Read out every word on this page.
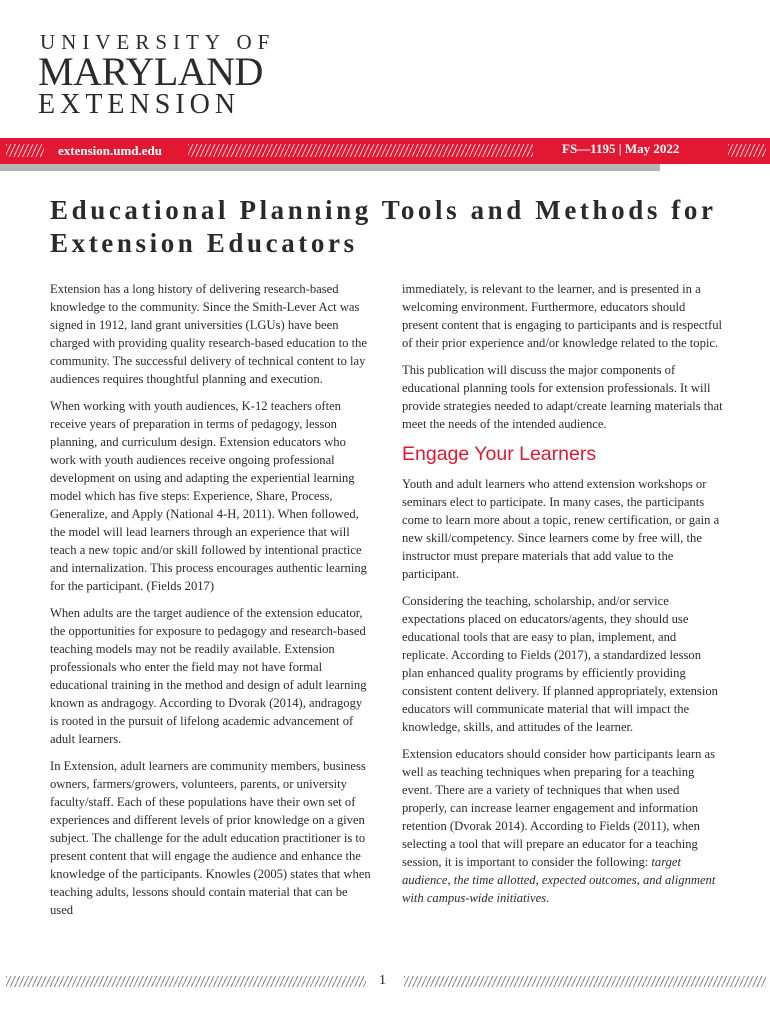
UNIVERSITY OF
MARYLAND
EXTENSION
extension.umd.edu	FS—1195 | May 2022
Educational Planning Tools and Methods for Extension Educators

Extension has a long history of delivering research-based knowledge to the community. Since the Smith-Lever Act was signed in 1912, land grant universities (LGUs) have been charged with providing quality research-based education to the community. The successful delivery of technical content to lay audiences requires thoughtful planning and execution.

When working with youth audiences, K-12 teachers often receive years of preparation in terms of pedagogy, lesson planning, and curriculum design. Extension educators who work with youth audiences receive ongoing professional development on using and adapting the experiential learning model which has five steps: Experience, Share, Process, Generalize, and Apply (National 4-H, 2011). When followed, the model will lead learners through an experience that will teach a new topic and/or skill followed by intentional practice and internalization. This process encourages authentic learning for the participant. (Fields 2017)

When adults are the target audience of the extension educator, the opportunities for exposure to pedagogy and research-based teaching models may not be readily available. Extension professionals who enter the field may not have formal educational training in the method and design of adult learning known as andragogy. According to Dvorak (2014), andragogy is rooted in the pursuit of lifelong academic advancement of adult learners.

In Extension, adult learners are community members, business owners, farmers/growers, volunteers, parents, or university faculty/staff. Each of these populations have their own set of experiences and different levels of prior knowledge on a given subject. The challenge for the adult education practitioner is to present content that will engage the audience and enhance the knowledge of the participants. Knowles (2005) states that when teaching adults, lessons should contain material that can be used

immediately, is relevant to the learner, and is presented in a welcoming environment. Furthermore, educators should present content that is engaging to participants and is respectful of their prior experience and/or knowledge related to the topic.

This publication will discuss the major components of educational planning tools for extension professionals. It will provide strategies needed to adapt/create learning materials that meet the needs of the intended audience.

Engage Your Learners

Youth and adult learners who attend extension workshops or seminars elect to participate. In many cases, the participants come to learn more about a topic, renew certification, or gain a new skill/competency. Since learners come by free will, the instructor must prepare materials that add value to the participant.

Considering the teaching, scholarship, and/or service expectations placed on educators/agents, they should use educational tools that are easy to plan, implement, and replicate. According to Fields (2017), a standardized lesson plan enhanced quality programs by efficiently providing consistent content delivery. If planned appropriately, extension educators will communicate material that will impact the knowledge, skills, and attitudes of the learner.

Extension educators should consider how participants learn as well as teaching techniques when preparing for a teaching event. There are a variety of techniques that when used properly, can increase learner engagement and information retention (Dvorak 2014). According to Fields (2011), when selecting a tool that will prepare an educator for a teaching session, it is important to consider the following: target audience, the time allotted, expected outcomes, and alignment with campus-wide initiatives.

1
